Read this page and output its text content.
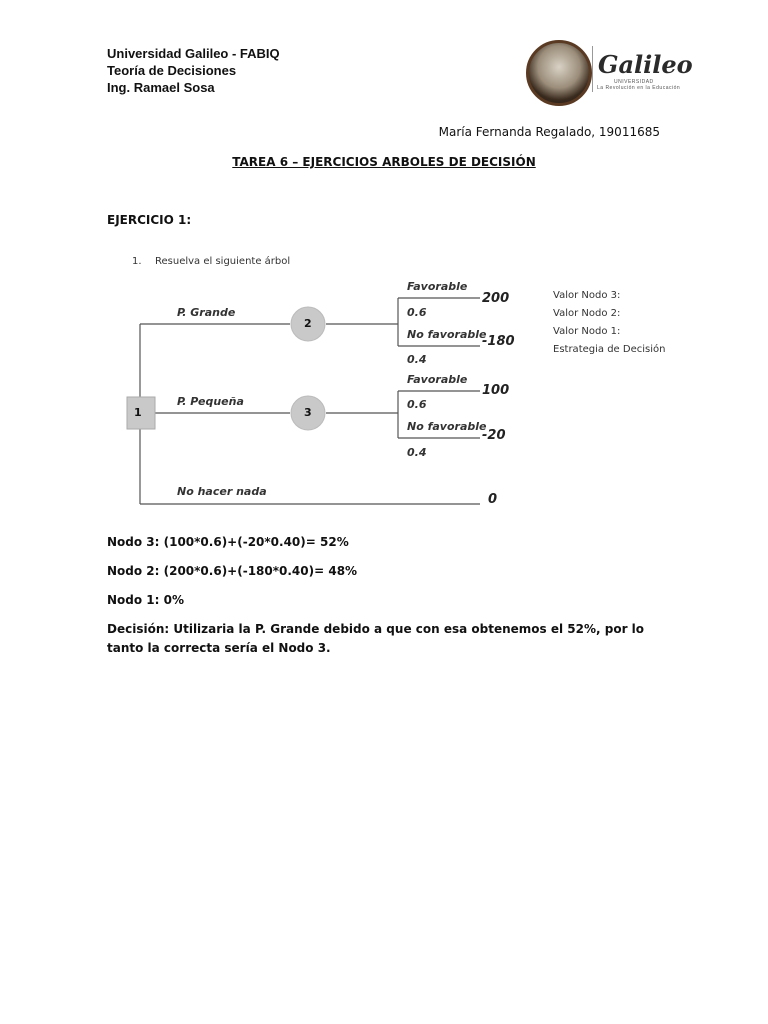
Universidad Galileo - FABIQ
Teoría de Decisiones
Ing. Ramael Sosa
Galileo
UNIVERSIDAD
La Revolución en la Educación
María Fernanda Regalado, 19011685
TAREA 6 – EJERCICIOS ARBOLES DE DECISIÓN
EJERCICIO 1:
1. Resuelva el siguiente árbol
1
2
3
P. Grande
P. Pequeña
No hacer nada
Favorable
0.6
No favorable
0.4
200
-180
Favorable
0.6
No favorable
0.4
100
-20
0
Valor Nodo 3:
Valor Nodo 2:
Valor Nodo 1:
Estrategia de Decisión
Nodo 3: (100*0.6)+(-20*0.40)= 52%
Nodo 2: (200*0.6)+(-180*0.40)= 48%
Nodo 1: 0%
Decisión: Utilizaria la P. Grande debido a que con esa obtenemos el 52%, por lo tanto la correcta sería el Nodo 3.
